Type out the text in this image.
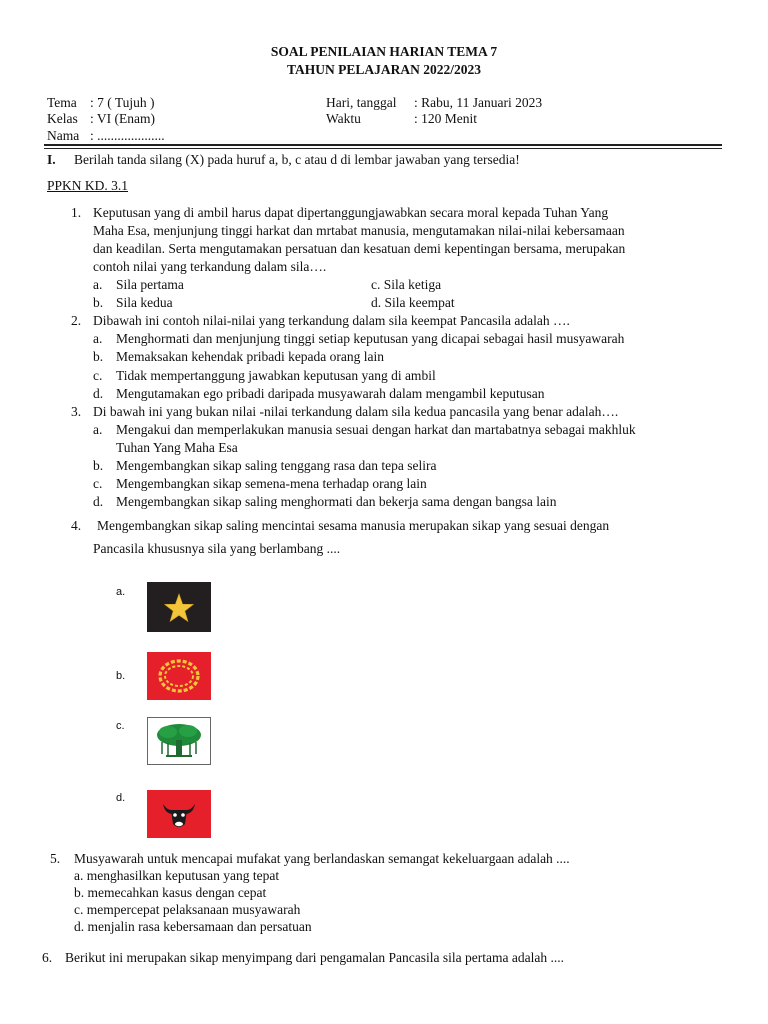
SOAL PENILAIAN HARIAN TEMA 7
TAHUN PELAJARAN 2022/2023
Tema : 7 ( Tujuh )
Kelas : VI (Enam)
Nama : ....................
Hari, tanggal : Rabu, 11 Januari 2023
Waktu	: 120 Menit
I. Berilah tanda silang (X) pada huruf a, b, c atau d di lembar jawaban yang tersedia!
PPKN KD. 3.1
1. Keputusan yang di ambil harus dapat dipertanggungjawabkan secara moral kepada Tuhan Yang
Maha Esa, menjunjung tinggi harkat dan mrtabat manusia, mengutamakan nilai-nilai kebersamaan
dan keadilan. Serta mengutamakan persatuan dan kesatuan demi kepentingan bersama, merupakan
contoh nilai yang terkandung dalam sila….
a. Sila pertama
b. Sila kedua
c. Sila ketiga
d. Sila keempat
2. Dibawah ini contoh nilai-nilai yang terkandung dalam sila keempat Pancasila adalah ….
a. Menghormati dan menjunjung tinggi setiap keputusan yang dicapai sebagai hasil musyawarah
b. Memaksakan kehendak pribadi kepada orang lain
c. Tidak mempertanggung jawabkan keputusan yang di ambil
d. Mengutamakan ego pribadi daripada musyawarah dalam mengambil keputusan
3. Di bawah ini yang bukan nilai -nilai terkandung dalam sila kedua pancasila yang benar adalah….
a. Mengakui dan memperlakukan manusia sesuai dengan harkat dan martabatnya sebagai makhluk
Tuhan Yang Maha Esa
b. Mengembangkan sikap saling tenggang rasa dan tepa selira
c. Mengembangkan sikap semena-mena terhadap orang lain
d. Mengembangkan sikap saling menghormati dan bekerja sama dengan bangsa lain
4. Mengembangkan sikap saling mencintai sesama manusia merupakan sikap yang sesuai dengan
Pancasila khususnya sila yang berlambang ....
a.
b.
c.
d.
5. Musyawarah untuk mencapai mufakat yang berlandaskan semangat kekeluargaan adalah ....
a. menghasilkan keputusan yang tepat
b. memecahkan kasus dengan cepat
c. mempercepat pelaksanaan musyawarah
d. menjalin rasa kebersamaan dan persatuan
6. Berikut ini merupakan sikap menyimpang dari pengamalan Pancasila sila pertama adalah ....
